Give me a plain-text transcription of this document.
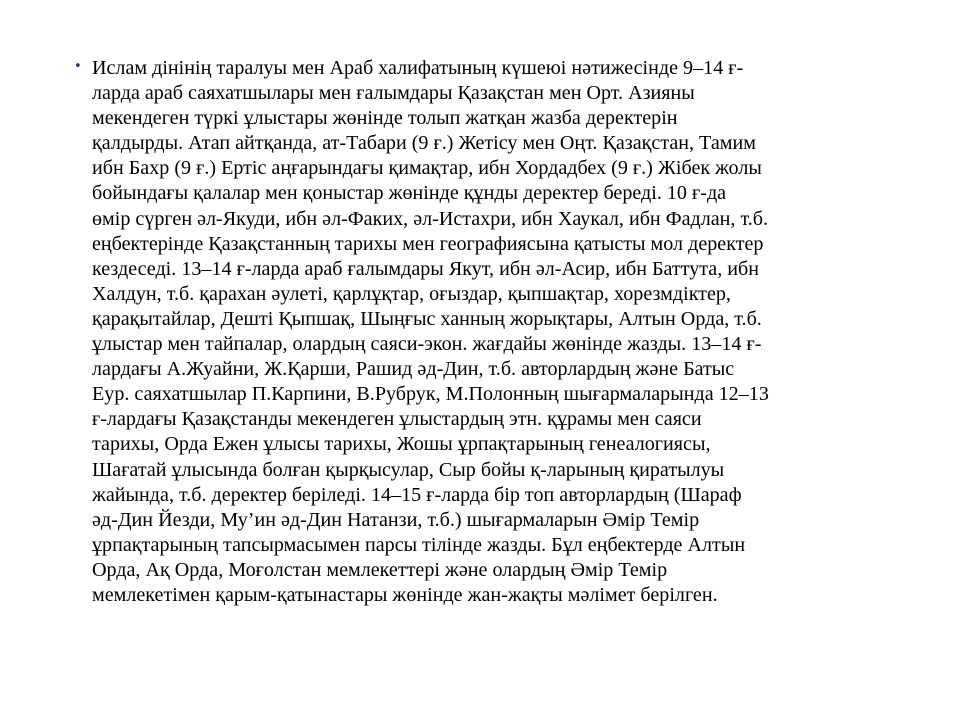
• Ислам дінінің таралуы мен Араб халифатының күшеюі нәтижесінде 9–14 ғ-
ларда араб саяхатшылары мен ғалымдары Қазақстан мен Орт. Азияны
мекендеген түркі ұлыстары жөнінде толып жатқан жазба деректерін
қалдырды. Атап айтқанда, ат-Табари (9 ғ.) Жетісу мен Оңт. Қазақстан, Тамим
ибн Бахр (9 ғ.) Ертіс аңғарындағы қимақтар, ибн Хордадбех (9 ғ.) Жібек жолы
бойындағы қалалар мен қоныстар жөнінде құнды деректер береді. 10 ғ-да
өмір сүрген әл-Якуди, ибн әл-Факих, әл-Истахри, ибн Хаукал, ибн Фадлан, т.б.
еңбектерінде Қазақстанның тарихы мен географиясына қатысты мол деректер
кездеседі. 13–14 ғ-ларда араб ғалымдары Якут, ибн әл-Асир, ибн Баттута, ибн
Халдун, т.б. қарахан әулеті, қарлұқтар, оғыздар, қыпшақтар, хорезмдіктер,
қарақытайлар, Дешті Қыпшақ, Шыңғыс ханның жорықтары, Алтын Орда, т.б.
ұлыстар мен тайпалар, олардың саяси-экон. жағдайы жөнінде жазды. 13–14 ғ-
лардағы А.Жуайни, Ж.Қарши, Рашид әд-Дин, т.б. авторлардың және Батыс
Еур. саяхатшылар П.Карпини, В.Рубрук, М.Полонның шығармаларында 12–13
ғ-лардағы Қазақстанды мекендеген ұлыстардың этн. құрамы мен саяси
тарихы, Орда Ежен ұлысы тарихы, Жошы ұрпақтарының генеалогиясы,
Шағатай ұлысында болған қырқысулар, Сыр бойы қ-ларының қиратылуы
жайында, т.б. деректер беріледі. 14–15 ғ-ларда бір топ авторлардың (Шараф
әд-Дин Йезди, Му’ин әд-Дин Натанзи, т.б.) шығармаларын Әмір Темір
ұрпақтарының тапсырмасымен парсы тілінде жазды. Бұл еңбектерде Алтын
Орда, Ақ Орда, Моғолстан мемлекеттері және олардың Әмір Темір
мемлекетімен қарым-қатынастары жөнінде жан-жақты мәлімет берілген.
